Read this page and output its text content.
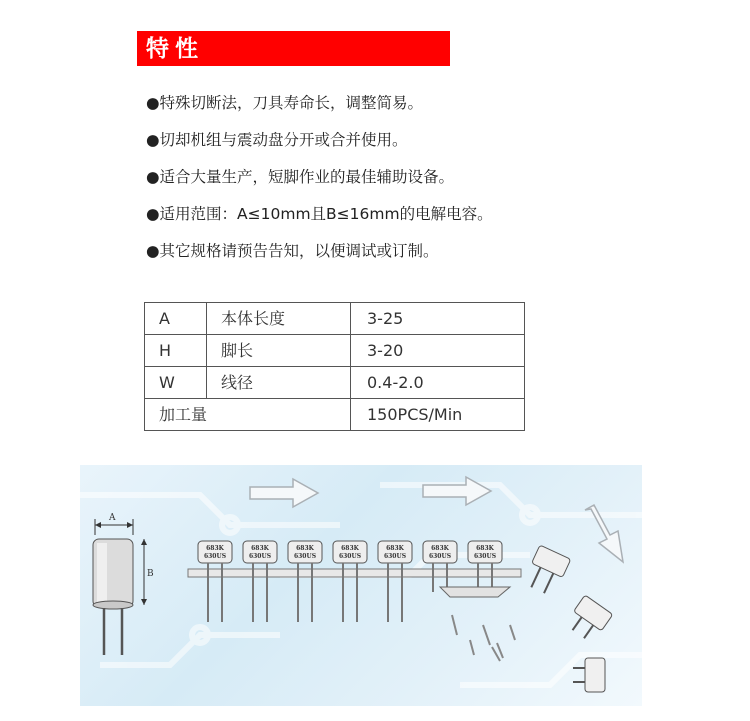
特性
●特殊切断法，刀具寿命长，调整简易。
●切却机组与震动盘分开或合并使用。
●适合大量生产，短脚作业的最佳辅助设备。
●适用范围：A≤10mm且B≤16mm的电解电容。
●其它规格请预告告知，以便调试或订制。
A	本体长度	3-25
H	脚长	3-20
W	线径	0.4-2.0
加工量		150PCS/Min
A
B
683K
630US
683K
630US
683K
630US
683K
630US
683K
630US
683K
630US
683K
630US
